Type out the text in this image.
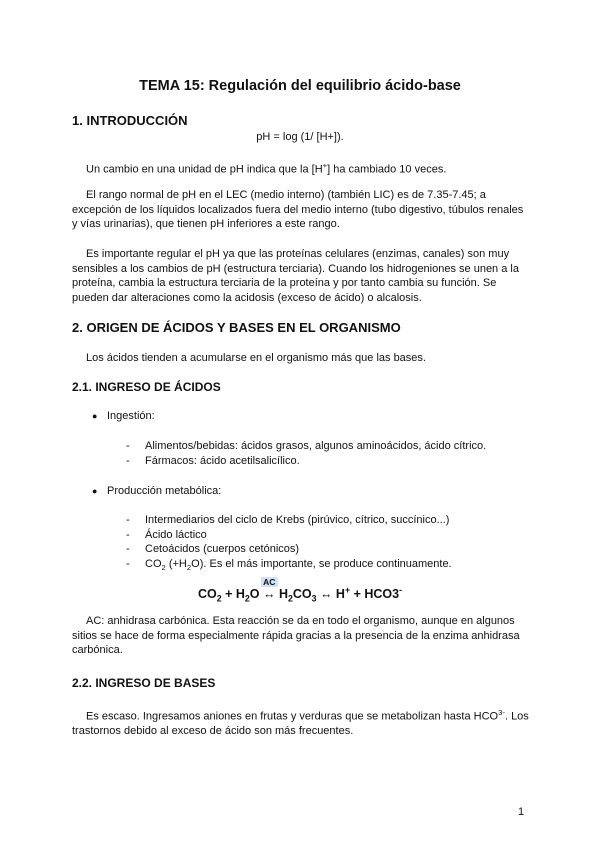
TEMA 15: Regulación del equilibrio ácido-base
1. INTRODUCCIÓN

pH = log (1/ [H+]).

Un cambio en una unidad de pH indica que la [H+] ha cambiado 10 veces.

El rango normal de pH en el LEC (medio interno) (también LIC) es de 7.35-7.45; a excepción de los líquidos localizados fuera del medio interno (tubo digestivo, túbulos renales y vías urinarias), que tienen pH inferiores a este rango.

Es importante regular el pH ya que las proteínas celulares (enzimas, canales) son muy sensibles a los cambios de pH (estructura terciaria). Cuando los hidrogeniones se unen a la proteína, cambia la estructura terciaria de la proteína y por tanto cambia su función. Se pueden dar alteraciones como la acidosis (exceso de ácido) o alcalosis.

2. ORIGEN DE ÁCIDOS Y BASES EN EL ORGANISMO

Los ácidos tienden a acumularse en el organismo más que las bases.

2.1. INGRESO DE ÁCIDOS
● Ingestión:

- Alimentos/bebidas: ácidos grasos, algunos aminoácidos, ácido cítrico.

- Fármacos: ácido acetilsalicílico.

● Producción metabólica:

- Intermediarios del ciclo de Krebs (pirúvico, cítrico, succínico...)

- Ácido láctico

- Cetoácidos (cuerpos cetónicos)

- $CO_2$ $(+H_2O)$. Es el más importante, se produce continuamente.

$CO_2 + H_2O$
AC
↔ $H_2CO_3$ ↔ H+ + HCO3-

AC: anhidrasa carbónica. Esta reacción se da en todo el organismo, aunque en algunos sitios se hace de forma especialmente rápida gracias a la presencia de la enzima anhidrasa carbónica.

2.2. INGRESO DE BASES

Es escaso. Ingresamos aniones en frutas y verduras que se metabolizan hasta $HCO^{3-}$. Los trastornos debido al exceso de ácido son más frecuentes.

1
